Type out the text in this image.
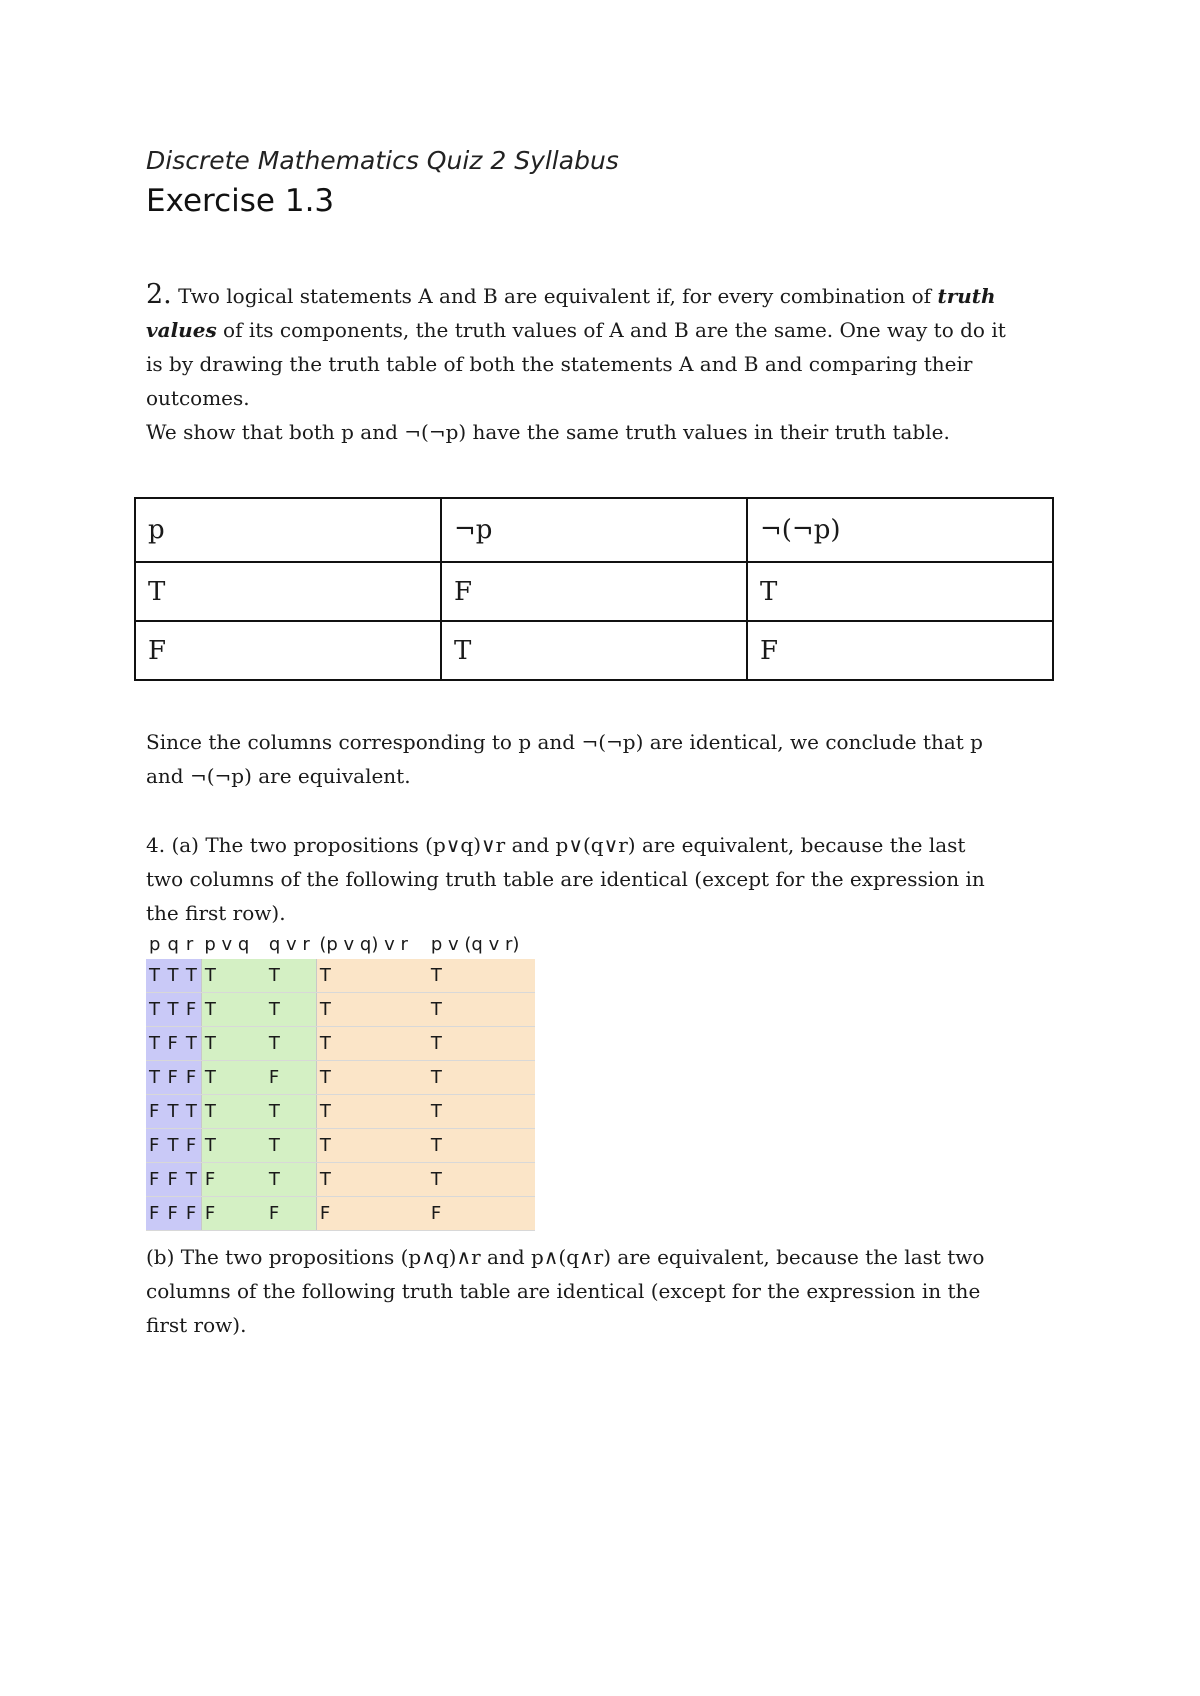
Discrete Mathematics Quiz 2 Syllabus
Exercise 1.3
2. Two logical statements A and B are equivalent if, for every combination of truth
values of its components, the truth values of A and B are the same. One way to do it
is by drawing the truth table of both the statements A and B and comparing their
outcomes.
We show that both p and ¬(¬p) have the same truth values in their truth table.
p	¬p	¬(¬p)
T	F	T
F	T	F
Since the columns corresponding to p and ¬(¬p) are identical, we conclude that p
and ¬(¬p) are equivalent.
4. (a) The two propositions (p∨q)∨r and p∨(q∨r) are equivalent, because the last
two columns of the following truth table are identical (except for the expression in
the first row).
p	q	r	p v q	q v r	(p v q) v r	p v (q v r)
T	T	T	T	T	T	T
T	T	F	T	T	T	T
T	F	T	T	T	T	T
T	F	F	T	F	T	T
F	T	T	T	T	T	T
F	T	F	T	T	T	T
F	F	T	F	T	T	T
F	F	F	F	F	F	F
(b) The two propositions (p∧q)∧r and p∧(q∧r) are equivalent, because the last two
columns of the following truth table are identical (except for the expression in the
first row).
